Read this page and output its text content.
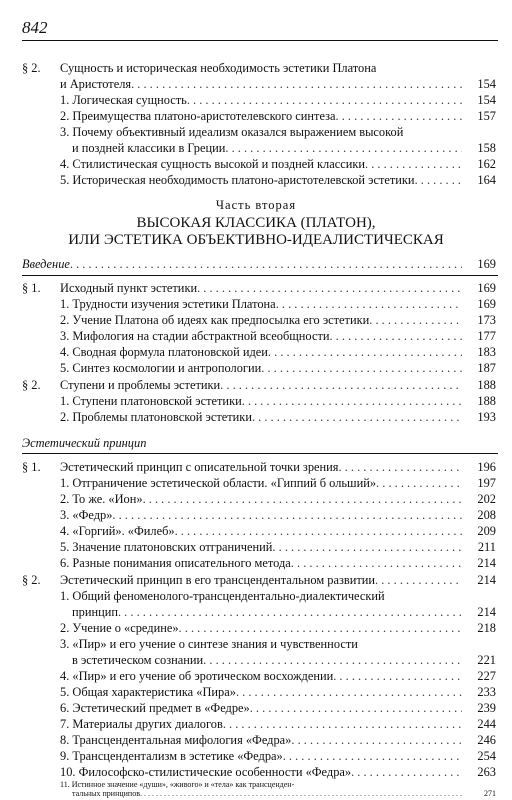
842
§ 2. Сущность и историческая необходимость эстетики Платона
и Аристотеля . . .	154
1. Логическая сущность . . .	154
2. Преимущества платоно-аристотелевского синтеза . . .	157
3. Почему объективный идеализм оказался выражением высокой
и поздней классики в Греции . . .	158
4. Стилистическая сущность высокой и поздней классики . . .	162
5. Историческая необходимость платоно-аристотелевской эстетики . . .	164
Часть вторая
ВЫСОКАЯ КЛАССИКА (ПЛАТОН),
ИЛИ ЭСТЕТИКА ОБЪЕКТИВНО-ИДЕАЛИСТИЧЕСКАЯ
Введение . . .	169
§ 1. Исходный пункт эстетики . . .	169
1. Трудности изучения эстетики Платона . . .	169
2. Учение Платона об идеях как предпосылка его эстетики . . .	173
3. Мифология на стадии абстрактной всеобщности . . .	177
4. Сводная формула платоновской идеи . . .	183
5. Синтез космологии и антропологии . . .	187
§ 2. Ступени и проблемы эстетики . . .	188
1. Ступени платоновской эстетики . . .	188
2. Проблемы платоновской эстетики . . .	193
Эстетический принцип
§ 1. Эстетический принцип с описательной точки зрения . . .	196
1. Отграничение эстетической области. «Гиппий б ольший» . . .	197
2. То же. «Ион» . . .	202
3. «Федр» . . .	208
4. «Горгий». «Филеб» . . .	209
5. Значение платоновских отграничений . . .	211
6. Разные понимания описательного метода . . .	214
§ 2. Эстетический принцип в его трансцендентальном развитии . . .	214
1. Общий феноменолого-трансцендентально-диалектический
принцип . . .	214
2. Учение о «средине» . . .	218
3. «Пир» и его учение о синтезе знания и чувственности
в эстетическом сознании . . .	221
4. «Пир» и его учение об эротическом восхождении . . .	227
5. Общая характеристика «Пира» . . .	233
6. Эстетический предмет в «Федре» . . .	239
7. Материалы других диалогов . . .	244
8. Трансцендентальная мифология «Федра» . . .	246
9. Трансцендентализм в эстетике «Федра» . . .	254
10. Философско-стилистические особенности «Федра» . . .	263
11. Истинное значение «души», «живого» и «тела» как трансценден-
тальных принципов . . .	271
